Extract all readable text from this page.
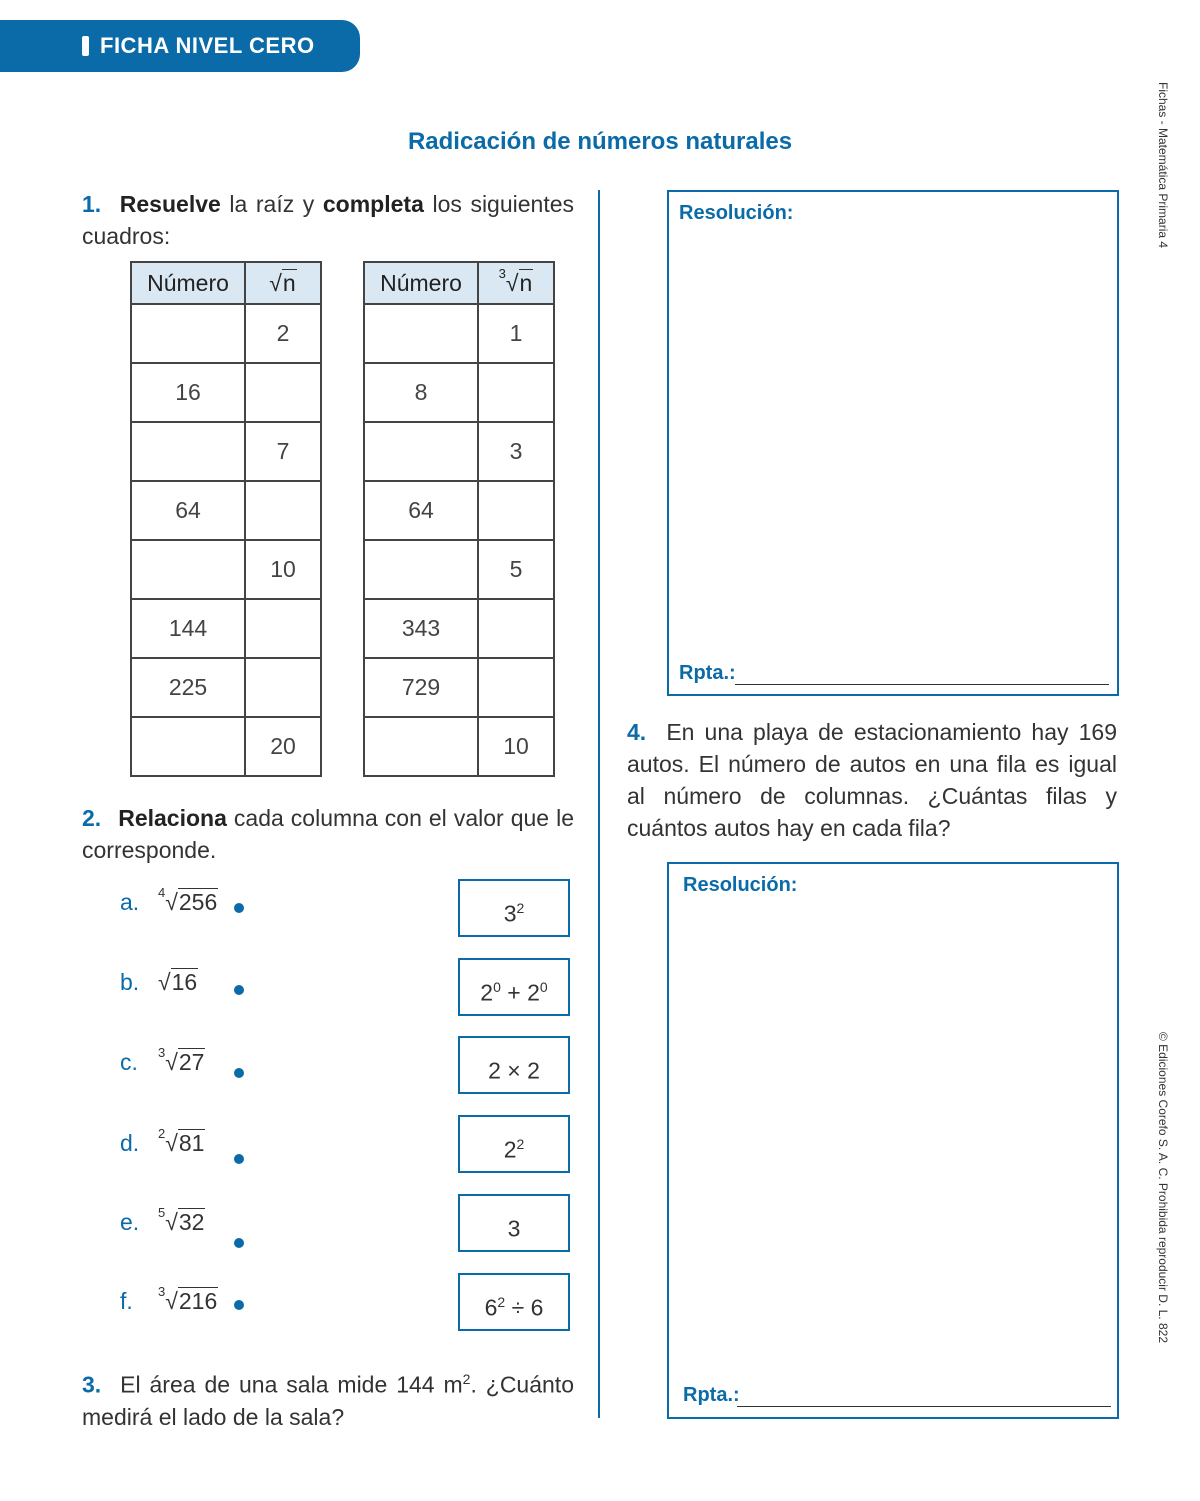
FICHA NIVEL CERO
Radicación de números naturales	Fichas - Matemática Primaria 4
© Ediciones Corefo S. A. C. Prohibida reproducir D. L. 822
1. Resuelve la raíz y completa los siguientes cuadros:
Número	√n
	2
16	
	7
64	
	10
144	
225	
	20
Número	$^3$√n
	1
8	
	3
64	
	5
343	
729	
	10
2. Relaciona cada columna con el valor que le corresponde.
a. $^4$√256
b. √16
c. $^3$√27
d. $^2$√81
e. $^5$√32
f. $^3$√216
$3^2$
$2^0 + 2^0$
2 × 2
$2^2$
3
$6^2 \div 6$
3. El área de una sala mide 144 $m^2$. ¿Cuánto medirá el lado de la sala?
Resolución:
Rpta.:
4. En una playa de estacionamiento hay 169 autos. El número de autos en una fila es igual al número de columnas. ¿Cuántas filas y cuántos autos hay en cada fila?
Resolución:
Rpta.:
